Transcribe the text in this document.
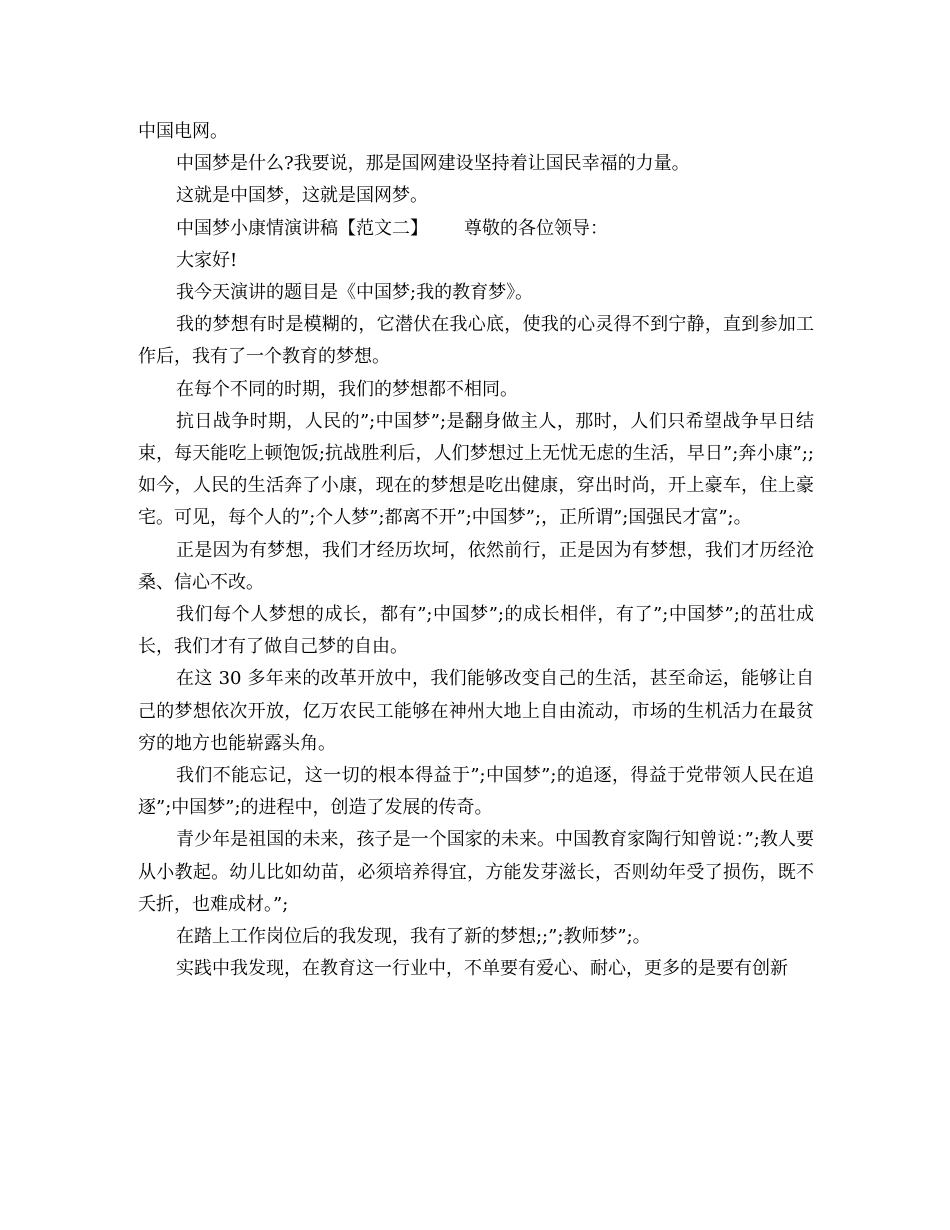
中国电网。

中国梦是什么?我要说，那是国网建设坚持着让国民幸福的力量。

这就是中国梦，这就是国网梦。

中国梦小康情演讲稿【范文二】 尊敬的各位领导：

大家好!

我今天演讲的题目是《中国梦;我的教育梦》。

我的梦想有时是模糊的，它潜伏在我心底，使我的心灵得不到宁静，直到参加工作后，我有了一个教育的梦想。

在每个不同的时期，我们的梦想都不相同。

抗日战争时期，人民的”;中国梦”;是翻身做主人，那时，人们只希望战争早日结束，每天能吃上顿饱饭;抗战胜利后，人们梦想过上无忧无虑的生活，早日”;奔小康”;;如今，人民的生活奔了小康，现在的梦想是吃出健康，穿出时尚，开上豪车，住上豪宅。可见，每个人的”;个人梦”;都离不开”;中国梦”;，正所谓”;国强民才富”;。

正是因为有梦想，我们才经历坎坷，依然前行，正是因为有梦想，我们才历经沧桑、信心不改。

我们每个人梦想的成长，都有”;中国梦”;的成长相伴，有了”;中国梦”;的茁壮成长，我们才有了做自己梦的自由。

在这 30 多年来的改革开放中，我们能够改变自己的生活，甚至命运，能够让自己的梦想依次开放，亿万农民工能够在神州大地上自由流动，市场的生机活力在最贫穷的地方也能崭露头角。

我们不能忘记，这一切的根本得益于”;中国梦”;的追逐，得益于党带领人民在追逐”;中国梦”;的进程中，创造了发展的传奇。

青少年是祖国的未来，孩子是一个国家的未来。中国教育家陶行知曾说：”;教人要从小教起。幼儿比如幼苗，必须培养得宜，方能发芽滋长，否则幼年受了损伤，既不夭折，也难成材。”;

在踏上工作岗位后的我发现，我有了新的梦想;;”;教师梦”;。

实践中我发现，在教育这一行业中，不单要有爱心、耐心，更多的是要有创新
